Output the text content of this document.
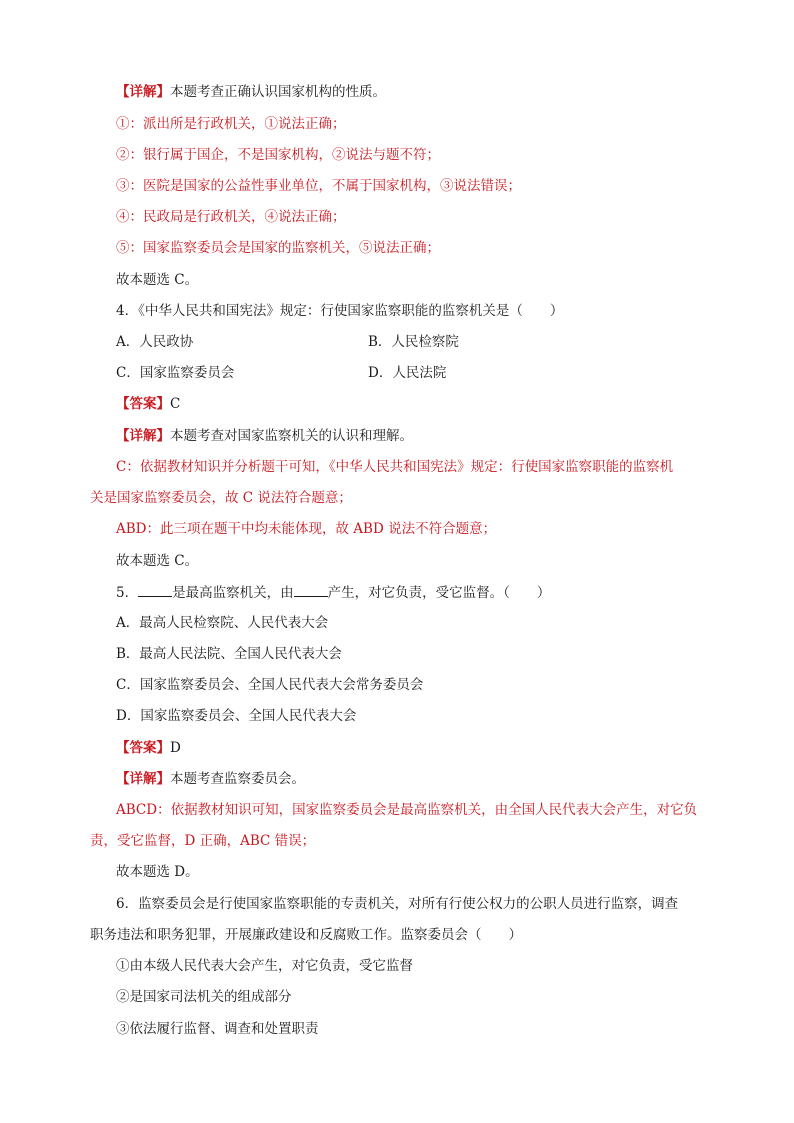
【详解】本题考查正确认识国家机构的性质。
①：派出所是行政机关，①说法正确；
②：银行属于国企，不是国家机构，②说法与题不符；
③：医院是国家的公益性事业单位，不属于国家机构，③说法错误；
④：民政局是行政机关，④说法正确；
⑤：国家监察委员会是国家的监察机关，⑤说法正确；
故本题选 C。
4．《中华人民共和国宪法》规定：行使国家监察职能的监察机关是（　　）
A．人民政协	B．人民检察院
C．国家监察委员会	D．人民法院
【答案】C
【详解】本题考查对国家监察机关的认识和理解。
C：依据教材知识并分析题干可知，《中华人民共和国宪法》规定：行使国家监察职能的监察机
关是国家监察委员会，故 C 说法符合题意；
ABD：此三项在题干中均未能体现，故 ABD 说法不符合题意；
故本题选 C。
5．	是最高监察机关，由	产生，对它负责，受它监督。（　　）
A．最高人民检察院、人民代表大会
B．最高人民法院、全国人民代表大会
C．国家监察委员会、全国人民代表大会常务委员会
D．国家监察委员会、全国人民代表大会
【答案】D
【详解】本题考查监察委员会。
ABCD：依据教材知识可知，国家监察委员会是最高监察机关，由全国人民代表大会产生，对它负
责，受它监督，D 正确，ABC 错误；
故本题选 D。
6．监察委员会是行使国家监察职能的专责机关，对所有行使公权力的公职人员进行监察，调查
职务违法和职务犯罪，开展廉政建设和反腐败工作。监察委员会（　　）
①由本级人民代表大会产生，对它负责，受它监督
②是国家司法机关的组成部分
③依法履行监督、调查和处置职责
